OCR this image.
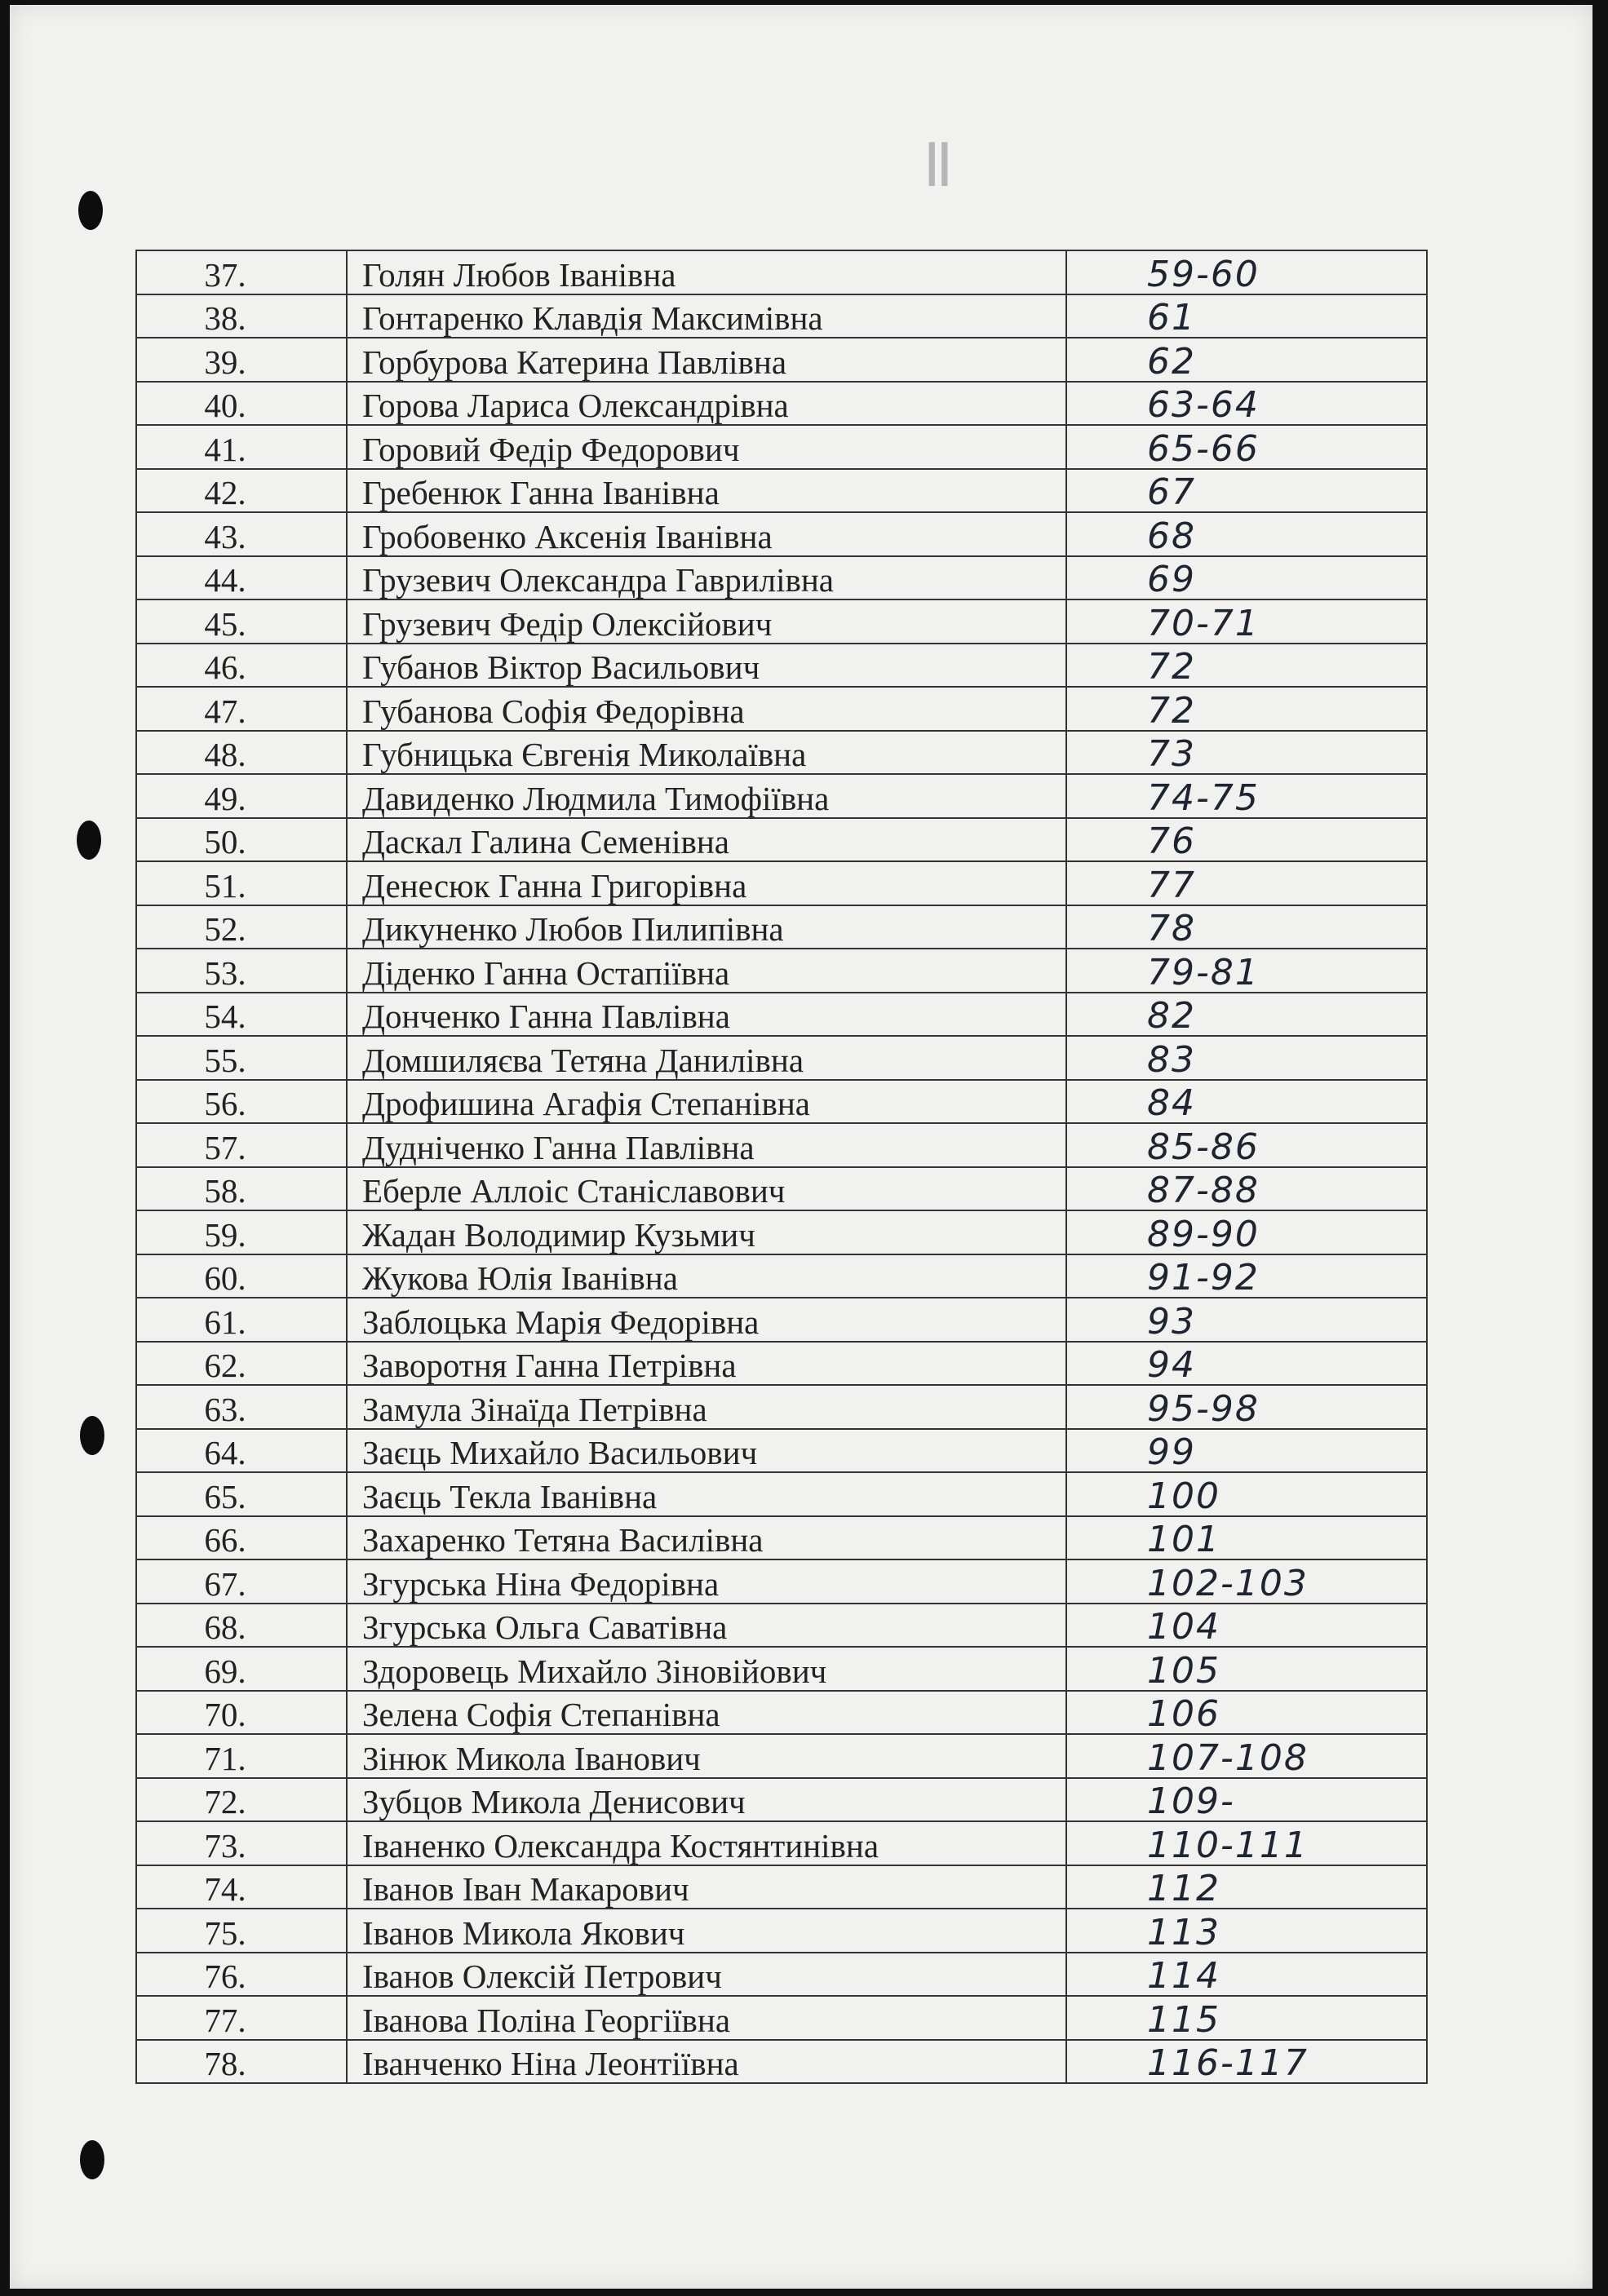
II
37.	Голян Любов Іванівна	59-60
38.	Гонтаренко Клавдія Максимівна	61
39.	Горбурова Катерина Павлівна	62
40.	Горова Лариса Олександрівна	63-64
41.	Горовий Федір Федорович	65-66
42.	Гребенюк Ганна Іванівна	67
43.	Гробовенко Аксенія Іванівна	68
44.	Грузевич Олександра Гаврилівна	69
45.	Грузевич Федір Олексійович	70-71
46.	Губанов Віктор Васильович	72
47.	Губанова Софія Федорівна	72
48.	Губницька Євгенія Миколаївна	73
49.	Давиденко Людмила Тимофіївна	74-75
50.	Даскал Галина Семенівна	76
51.	Денесюк Ганна Григорівна	77
52.	Дикуненко Любов Пилипівна	78
53.	Діденко Ганна Остапіївна	79-81
54.	Донченко Ганна Павлівна	82
55.	Домшиляєва Тетяна Данилівна	83
56.	Дрофишина Агафія Степанівна	84
57.	Дудніченко Ганна Павлівна	85-86
58.	Еберле Аллоіс Станіславович	87-88
59.	Жадан Володимир Кузьмич	89-90
60.	Жукова Юлія Іванівна	91-92
61.	Заблоцька Марія Федорівна	93
62.	Заворотня Ганна Петрівна	94
63.	Замула Зінаїда Петрівна	95-98
64.	Заєць Михайло Васильович	99
65.	Заєць Текла Іванівна	100
66.	Захаренко Тетяна Василівна	101
67.	Згурська Ніна Федорівна	102-103
68.	Згурська Ольга Саватівна	104
69.	Здоровець Михайло Зіновійович	105
70.	Зелена Софія Степанівна	106
71.	Зінюк Микола Іванович	107-108
72.	Зубцов Микола Денисович	109-
73.	Іваненко Олександра Костянтинівна	110-111
74.	Іванов Іван Макарович	112
75.	Іванов Микола Якович	113
76.	Іванов Олексій Петрович	114
77.	Іванова Поліна Георгіївна	115
78.	Іванченко Ніна Леонтіївна	116-117
